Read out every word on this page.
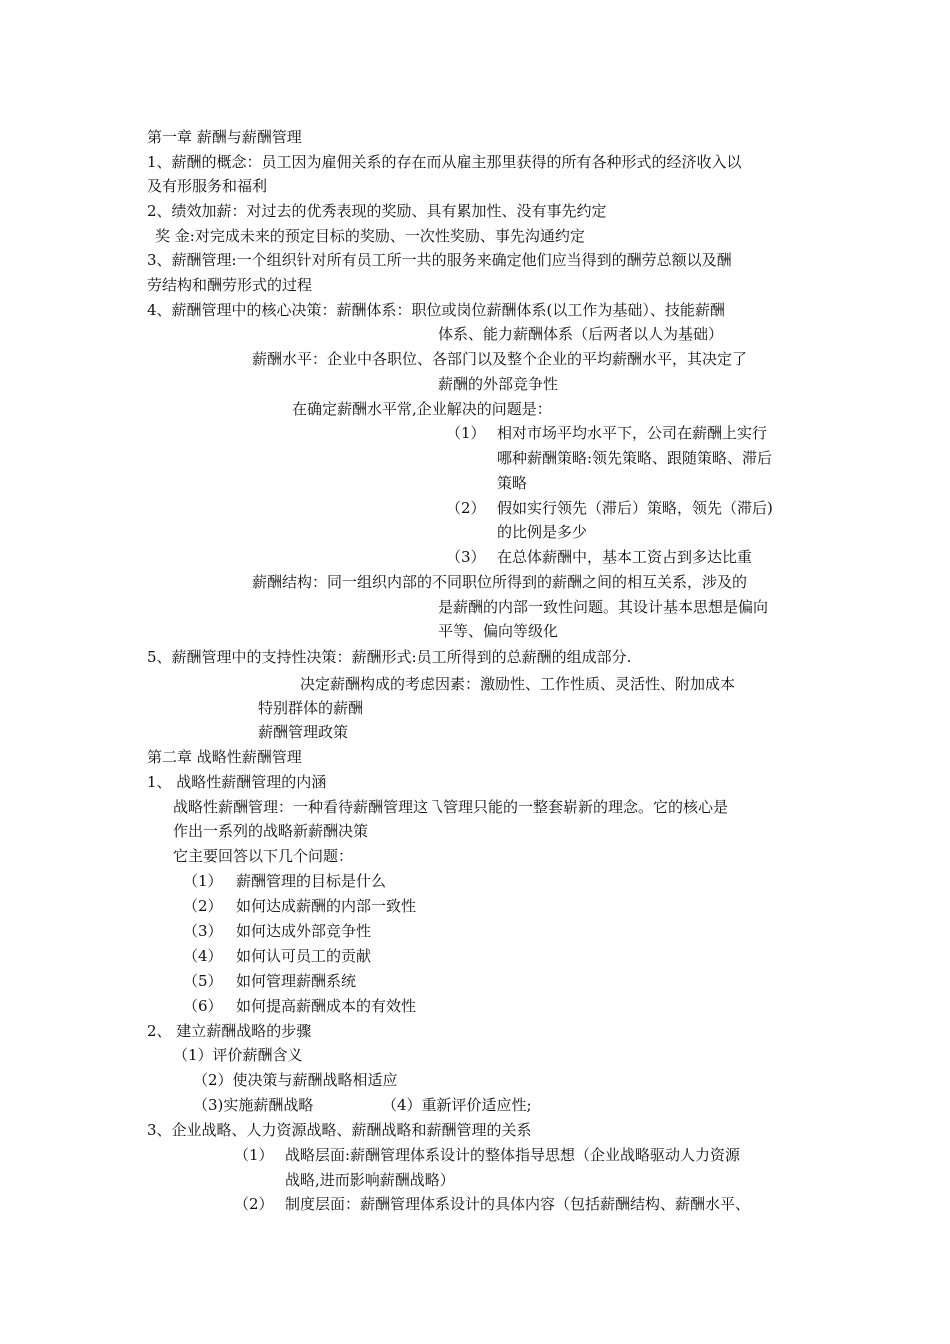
第一章 薪酬与薪酬管理
1、薪酬的概念：员工因为雇佣关系的存在而从雇主那里获得的所有各种形式的经济收入以
及有形服务和福利
2、绩效加薪：对过去的优秀表现的奖励、具有累加性、没有事先约定
奖 金:对完成未来的预定目标的奖励、一次性奖励、事先沟通约定
3、薪酬管理:一个组织针对所有员工所一共的服务来确定他们应当得到的酬劳总额以及酬
劳结构和酬劳形式的过程
4、薪酬管理中的核心决策：薪酬体系：职位或岗位薪酬体系(以工作为基础）、技能薪酬
体系、能力薪酬体系（后两者以人为基础）
薪酬水平：企业中各职位、各部门以及整个企业的平均薪酬水平，其决定了
薪酬的外部竞争性
在确定薪酬水平常,企业解决的问题是：
（1） 相对市场平均水平下，公司在薪酬上实行
哪种薪酬策略:领先策略、跟随策略、滞后
策略
（2） 假如实行领先（滞后）策略，领先（滞后)
的比例是多少
（3） 在总体薪酬中，基本工资占到多达比重
薪酬结构：同一组织内部的不同职位所得到的薪酬之间的相互关系，涉及的
是薪酬的内部一致性问题。其设计基本思想是偏向
平等、偏向等级化
5、薪酬管理中的支持性决策：薪酬形式:员工所得到的总薪酬的组成部分.
决定薪酬构成的考虑因素：激励性、工作性质、灵活性、附加成本
特别群体的薪酬
薪酬管理政策
第二章 战略性薪酬管理
1、 战略性薪酬管理的内涵
战略性薪酬管理：一种看待薪酬管理这乁管理只能的一整套崭新的理念。它的核心是
作出一系列的战略新薪酬决策
它主要回答以下几个问题：
（1） 薪酬管理的目标是什么
（2） 如何达成薪酬的内部一致性
（3） 如何达成外部竞争性
（4） 如何认可员工的贡献
（5） 如何管理薪酬系统
（6） 如何提高薪酬成本的有效性
2、 建立薪酬战略的步骤
（1）评价薪酬含义
（2）使决策与薪酬战略相适应
（3)实施薪酬战略	（4）重新评价适应性;
3、企业战略、人力资源战略、薪酬战略和薪酬管理的关系
（1） 战略层面:薪酬管理体系设计的整体指导思想（企业战略驱动人力资源
战略,进而影响薪酬战略）
（2） 制度层面：薪酬管理体系设计的具体内容（包括薪酬结构、薪酬水平、
